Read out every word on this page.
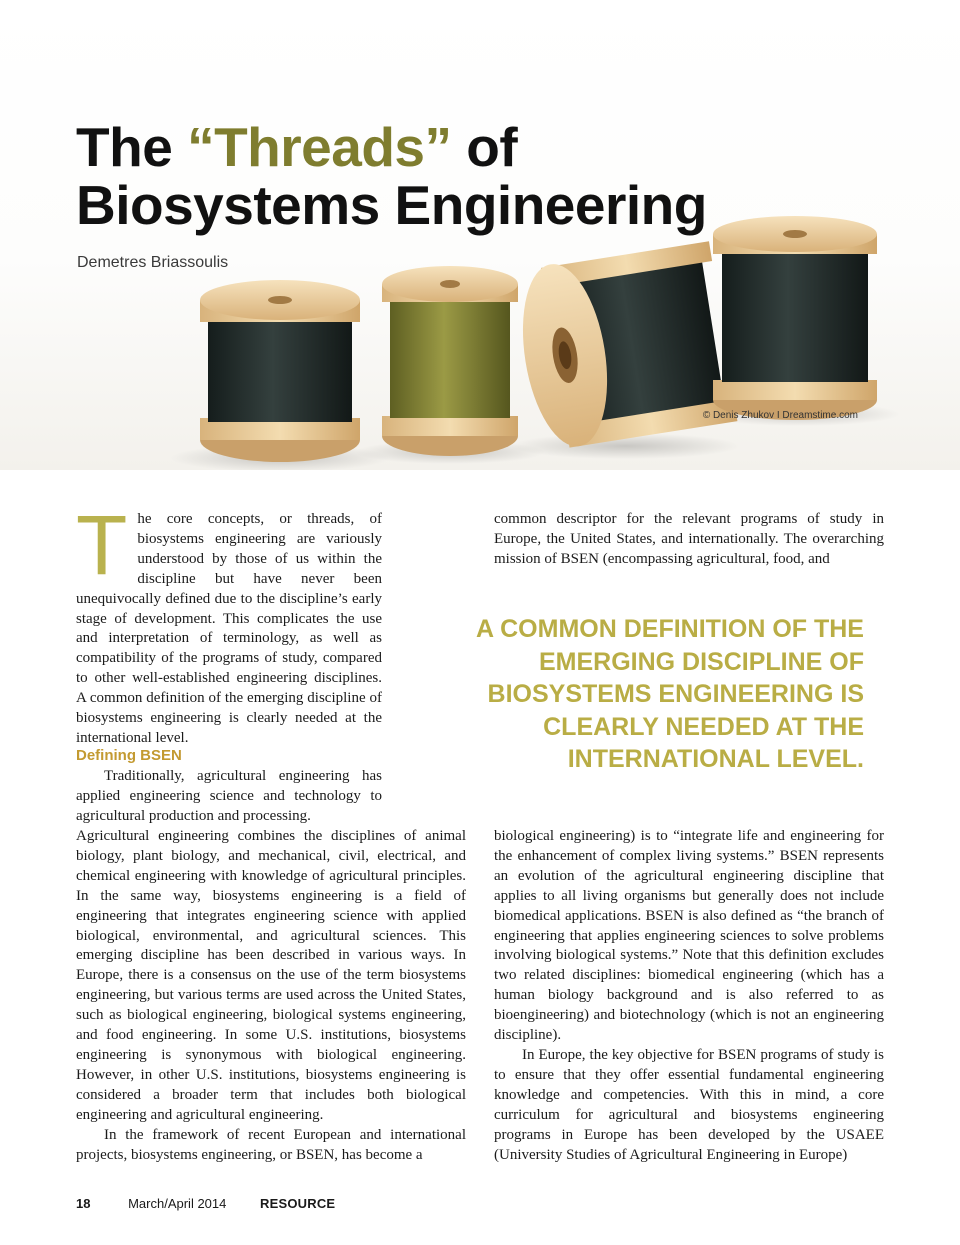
The “Threads” of
Biosystems Engineering
Demetres Briassoulis
© Denis Zhukov I Dreamstime.com

The core concepts, or threads, of biosystems engineering are variously understood by those of us within the discipline but have never been unequivocally defined due to the discipline’s early stage of development. This complicates the use and interpretation of terminology, as well as compatibility of the programs of study, compared to other well-established engineering disciplines. A common definition of the emerging discipline of biosystems engineering is clearly needed at the international level.

Defining BSEN

Traditionally, agricultural engineering has applied engineering science and technology to agricultural production and processing.

Agricultural engineering combines the disciplines of animal biology, plant biology, and mechanical, civil, electrical, and chemical engineering with knowledge of agricultural principles. In the same way, biosystems engineering is a field of engineering that integrates engineering science with applied biological, environmental, and agricultural sciences. This emerging discipline has been described in various ways. In Europe, there is a consensus on the use of the term biosystems engineering, but various terms are used across the United States, such as biological engineering, biological systems engineering, and food engineering. In some U.S. institutions, biosystems engineering is synonymous with biological engineering. However, in other U.S. institutions, biosystems engineering is considered a broader term that includes both biological engineering and agricultural engineering.

In the framework of recent European and international projects, biosystems engineering, or BSEN, has become a

common descriptor for the relevant programs of study in Europe, the United States, and internationally. The overarching mission of BSEN (encompassing agricultural, food, and

A COMMON DEFINITION OF THE
EMERGING DISCIPLINE OF
BIOSYSTEMS ENGINEERING IS
CLEARLY NEEDED AT THE
INTERNATIONAL LEVEL.

biological engineering) is to “integrate life and engineering for the enhancement of complex living systems.” BSEN represents an evolution of the agricultural engineering discipline that applies to all living organisms but generally does not include biomedical applications. BSEN is also defined as “the branch of engineering that applies engineering sciences to solve problems involving biological systems.” Note that this definition excludes two related disciplines: biomedical engineering (which has a human biology background and is also referred to as bioengineering) and biotechnology (which is not an engineering discipline).

In Europe, the key objective for BSEN programs of study is to ensure that they offer essential fundamental engineering knowledge and competencies. With this in mind, a core curriculum for agricultural and biosystems engineering programs in Europe has been developed by the USAEE (University Studies of Agricultural Engineering in Europe)

18	March/April 2014	RESOURCE
